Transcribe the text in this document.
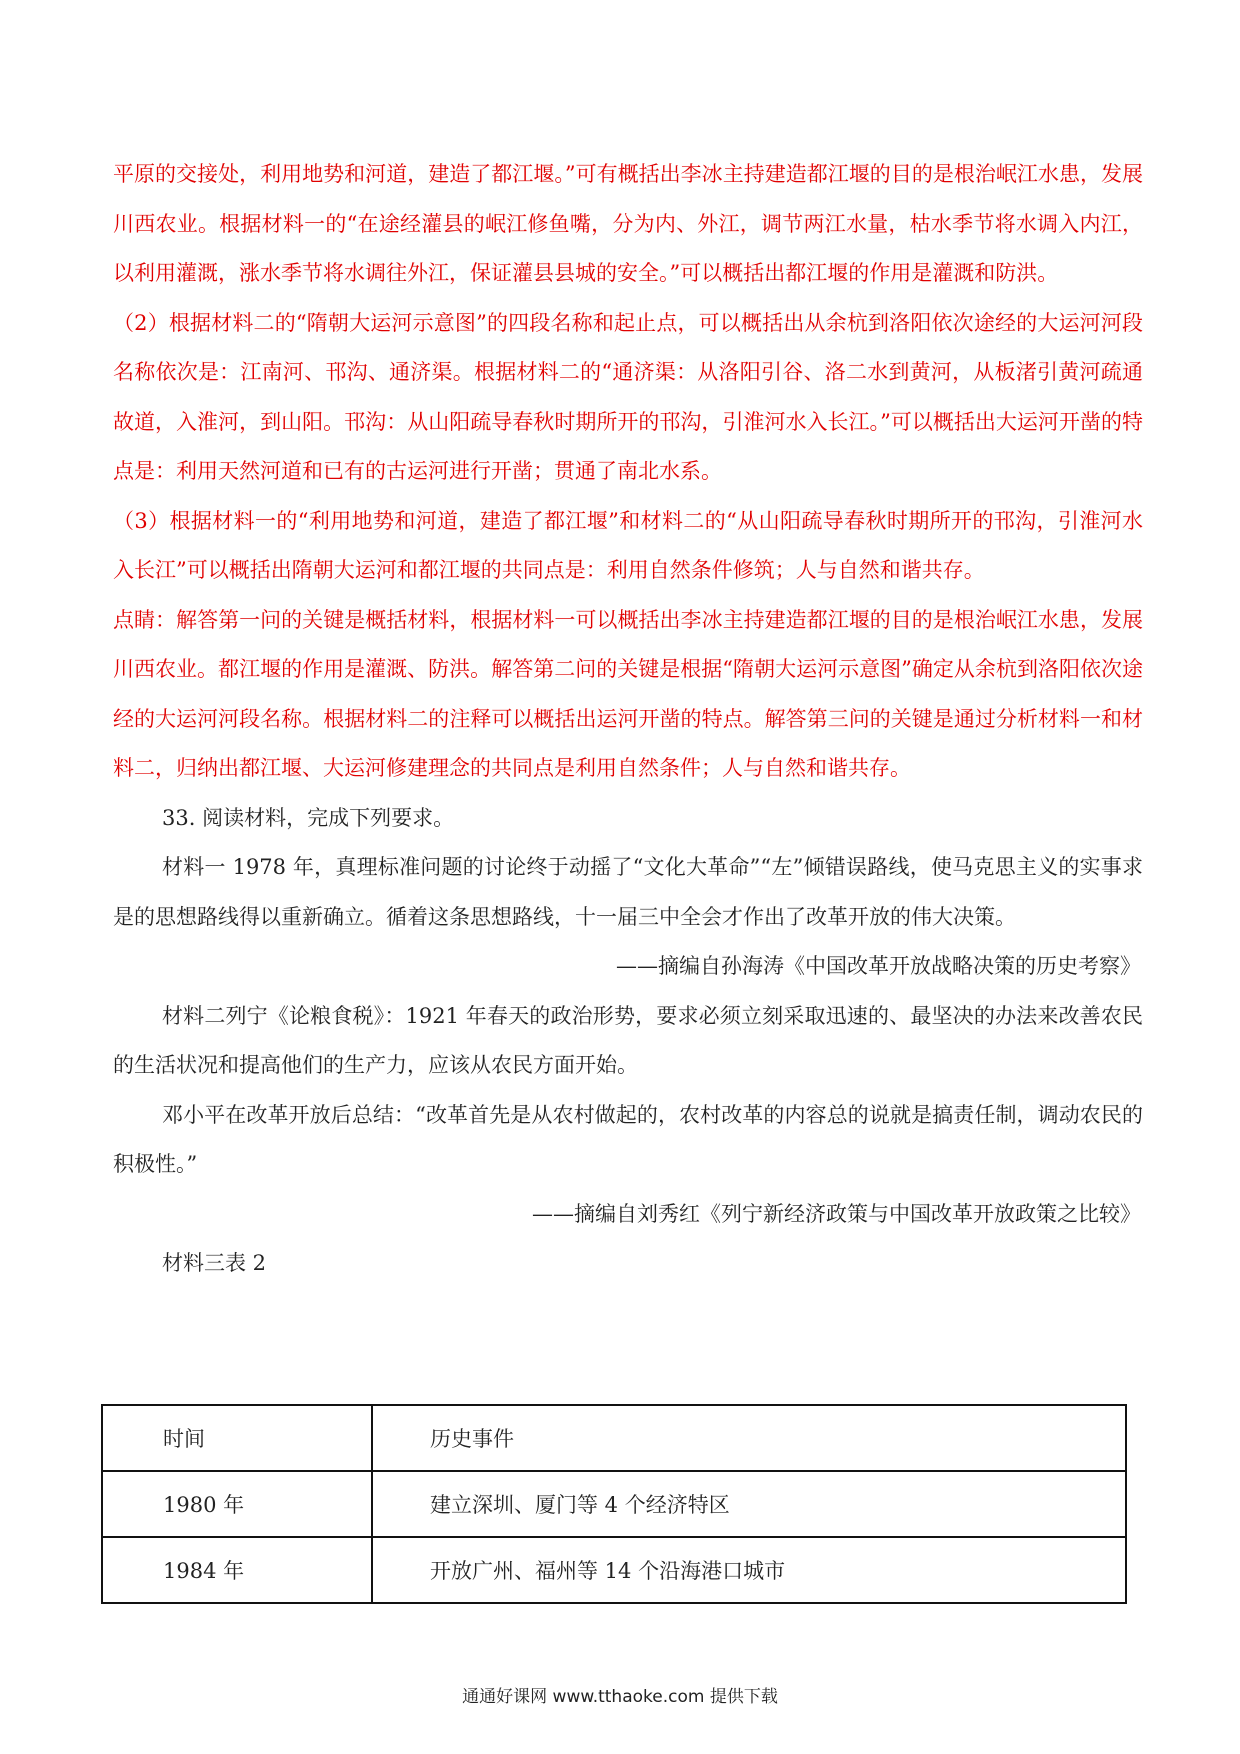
平原的交接处，利用地势和河道，建造了都江堰。”可有概括出李冰主持建造都江堰的目的是根治岷江水患，发展川西农业。根据材料一的“在途经灌县的岷江修鱼嘴，分为内、外江，调节两江水量，枯水季节将水调入内江，以利用灌溉，涨水季节将水调往外江，保证灌县县城的安全。”可以概括出都江堰的作用是灌溉和防洪。

（2）根据材料二的“隋朝大运河示意图”的四段名称和起止点，可以概括出从余杭到洛阳依次途经的大运河河段名称依次是：江南河、邗沟、通济渠。根据材料二的“通济渠：从洛阳引谷、洛二水到黄河，从板渚引黄河疏通故道，入淮河，到山阳。邗沟：从山阳疏导春秋时期所开的邗沟，引淮河水入长江。”可以概括出大运河开凿的特点是：利用天然河道和已有的古运河进行开凿；贯通了南北水系。

（3）根据材料一的“利用地势和河道，建造了都江堰”和材料二的“从山阳疏导春秋时期所开的邗沟，引淮河水入长江”可以概括出隋朝大运河和都江堰的共同点是：利用自然条件修筑；人与自然和谐共存。

点睛：解答第一问的关键是概括材料，根据材料一可以概括出李冰主持建造都江堰的目的是根治岷江水患，发展川西农业。都江堰的作用是灌溉、防洪。解答第二问的关键是根据“隋朝大运河示意图”确定从余杭到洛阳依次途经的大运河河段名称。根据材料二的注释可以概括出运河开凿的特点。解答第三问的关键是通过分析材料一和材料二，归纳出都江堰、大运河修建理念的共同点是利用自然条件；人与自然和谐共存。

33. 阅读材料，完成下列要求。

材料一 1978 年，真理标准问题的讨论终于动摇了“文化大革命”“左”倾错误路线，使马克思主义的实事求是的思想路线得以重新确立。循着这条思想路线，十一届三中全会才作出了改革开放的伟大决策。

——摘编自孙海涛《中国改革开放战略决策的历史考察》

材料二列宁《论粮食税》：1921 年春天的政治形势，要求必须立刻采取迅速的、最坚决的办法来改善农民的生活状况和提高他们的生产力，应该从农民方面开始。

邓小平在改革开放后总结：“改革首先是从农村做起的，农村改革的内容总的说就是搞责任制，调动农民的积极性。”

——摘编自刘秀红《列宁新经济政策与中国改革开放政策之比较》

材料三表 2

时间	历史事件
1980 年	建立深圳、厦门等 4 个经济特区
1984 年	开放广州、福州等 14 个沿海港口城市
通通好课网 www.tthaoke.com 提供下载
